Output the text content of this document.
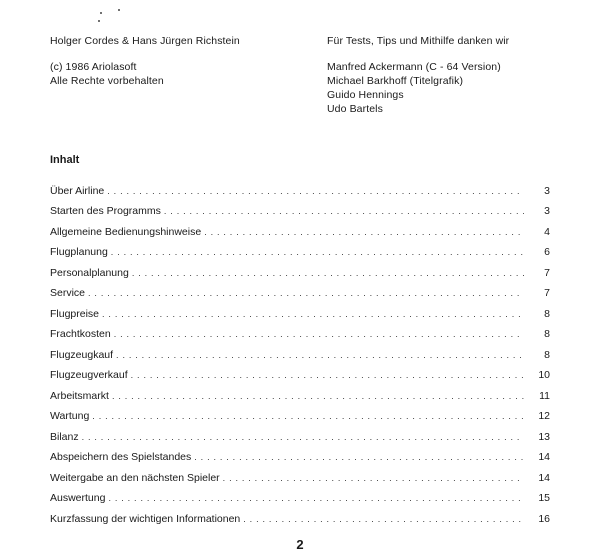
Holger Cordes & Hans Jürgen Richstein
(c) 1986 Ariolasoft
Alle Rechte vorbehalten
Für Tests, Tips und Mithilfe danken wir
Manfred Ackermann (C - 64 Version)
Michael Barkhoff (Titelgrafik)
Guido Hennings
Udo Bartels
Inhalt
Über Airline . . .	3
Starten des Programms . . .	3
Allgemeine Bedienungshinweise . . .	4
Flugplanung . . .	6
Personalplanung . . .	7
Service . . .	7
Flugpreise . . .	8
Frachtkosten . . .	8
Flugzeugkauf . . .	8
Flugzeugverkauf . . .	10
Arbeitsmarkt . . .	11
Wartung . . .	12
Bilanz . . .	13
Abspeichern des Spielstandes . . .	14
Weitergabe an den nächsten Spieler . . .	14
Auswertung . . .	15
Kurzfassung der wichtigen Informationen . . .	16
2
